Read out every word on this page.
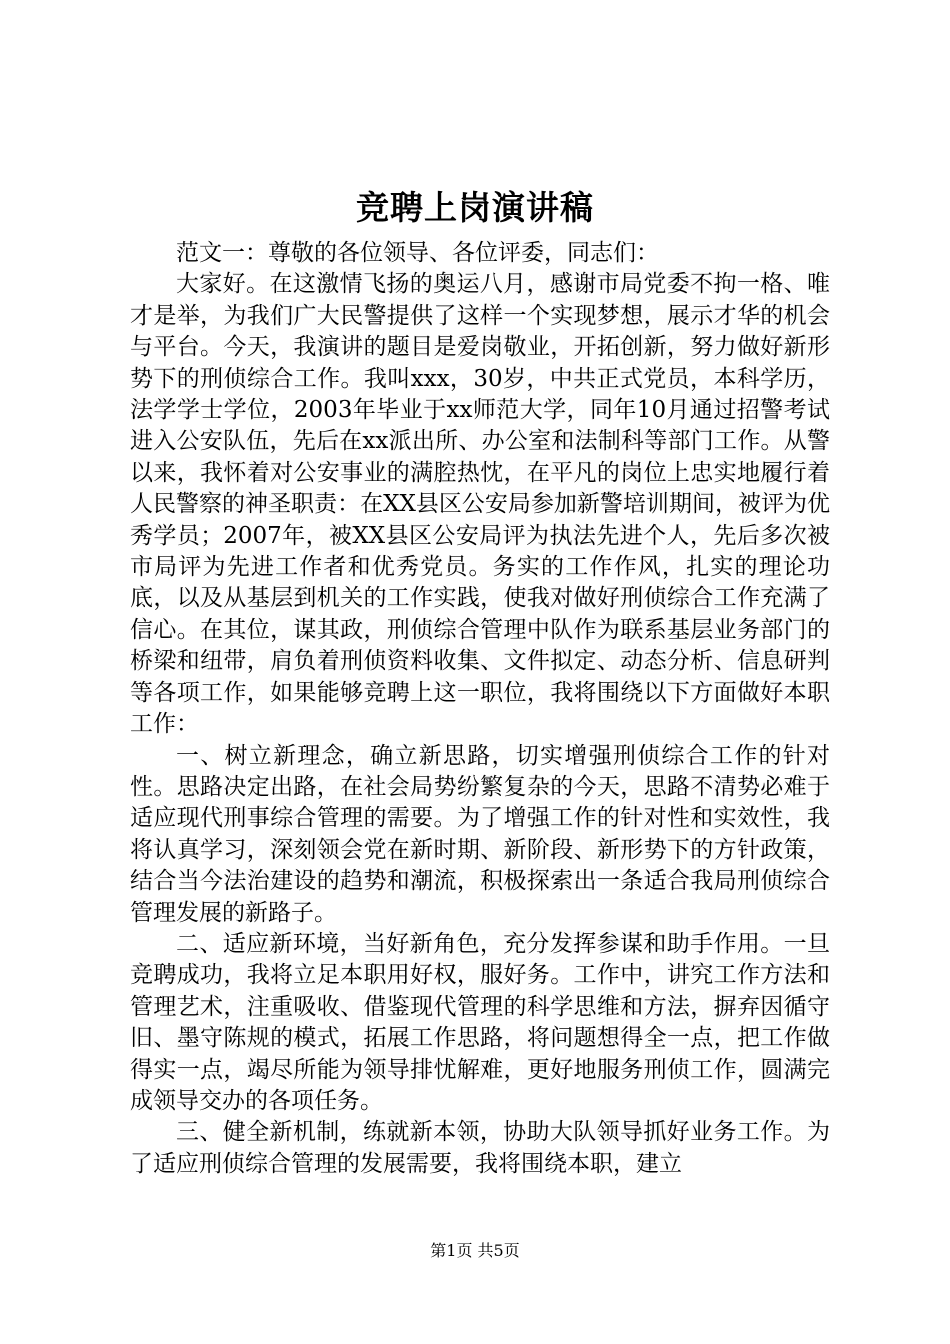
竞聘上岗演讲稿

范文一：尊敬的各位领导、各位评委，同志们：

大家好。在这激情飞扬的奥运八月，感谢市局党委不拘一格、唯才是举，为我们广大民警提供了这样一个实现梦想，展示才华的机会与平台。今天，我演讲的题目是爱岗敬业，开拓创新，努力做好新形势下的刑侦综合工作。我叫xxx，30岁，中共正式党员，本科学历，法学学士学位，2003年毕业于xx师范大学，同年10月通过招警考试进入公安队伍，先后在xx派出所、办公室和法制科等部门工作。从警以来，我怀着对公安事业的满腔热忱，在平凡的岗位上忠实地履行着人民警察的神圣职责：在XX县区公安局参加新警培训期间，被评为优秀学员；2007年，被XX县区公安局评为执法先进个人，先后多次被市局评为先进工作者和优秀党员。务实的工作作风，扎实的理论功底，以及从基层到机关的工作实践，使我对做好刑侦综合工作充满了信心。在其位，谋其政，刑侦综合管理中队作为联系基层业务部门的桥梁和纽带，肩负着刑侦资料收集、文件拟定、动态分析、信息研判等各项工作，如果能够竞聘上这一职位，我将围绕以下方面做好本职工作：

一、树立新理念，确立新思路，切实增强刑侦综合工作的针对性。思路决定出路，在社会局势纷繁复杂的今天，思路不清势必难于适应现代刑事综合管理的需要。为了增强工作的针对性和实效性，我将认真学习，深刻领会党在新时期、新阶段、新形势下的方针政策，结合当今法治建设的趋势和潮流，积极探索出一条适合我局刑侦综合管理发展的新路子。

二、适应新环境，当好新角色，充分发挥参谋和助手作用。一旦竞聘成功，我将立足本职用好权，服好务。工作中，讲究工作方法和管理艺术，注重吸收、借鉴现代管理的科学思维和方法，摒弃因循守旧、墨守陈规的模式，拓展工作思路，将问题想得全一点，把工作做得实一点，竭尽所能为领导排忧解难，更好地服务刑侦工作，圆满完成领导交办的各项任务。

三、健全新机制，练就新本领，协助大队领导抓好业务工作。为了适应刑侦综合管理的发展需要，我将围绕本职，建立

第1页 共5页
